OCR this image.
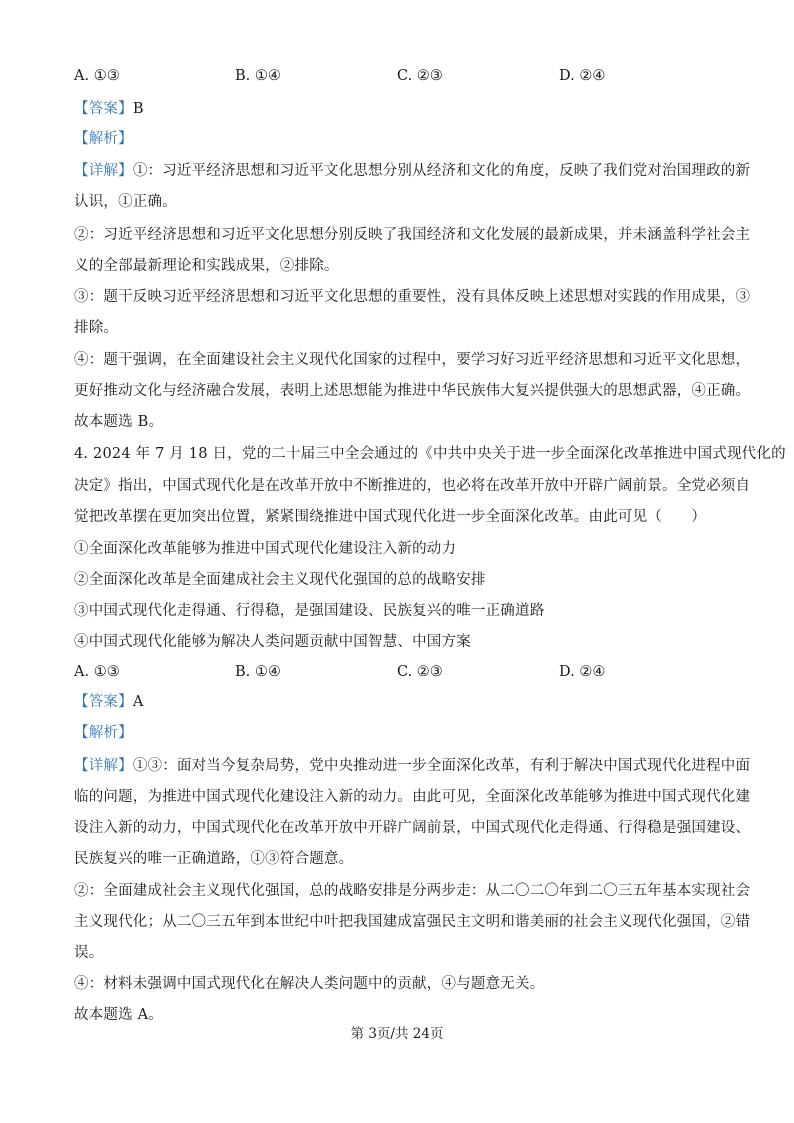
A. ①③	B. ①④	C. ②③	D. ②④
【答案】B
【解析】
【详解】①：习近平经济思想和习近平文化思想分别从经济和文化的角度，反映了我们党对治国理政的新
认识，①正确。
②：习近平经济思想和习近平文化思想分别反映了我国经济和文化发展的最新成果，并未涵盖科学社会主
义的全部最新理论和实践成果，②排除。
③：题干反映习近平经济思想和习近平文化思想的重要性，没有具体反映上述思想对实践的作用成果，③
排除。
④：题干强调，在全面建设社会主义现代化国家的过程中，要学习好习近平经济思想和习近平文化思想，
更好推动文化与经济融合发展，表明上述思想能为推进中华民族伟大复兴提供强大的思想武器，④正确。
故本题选 B。
4. 2024 年 7 月 18 日，党的二十届三中全会通过的《中共中央关于进一步全面深化改革推进中国式现代化的
决定》指出，中国式现代化是在改革开放中不断推进的，也必将在改革开放中开辟广阔前景。全党必须自
觉把改革摆在更加突出位置，紧紧围绕推进中国式现代化进一步全面深化改革。由此可见（　　）
①全面深化改革能够为推进中国式现代化建设注入新的动力
②全面深化改革是全面建成社会主义现代化强国的总的战略安排
③中国式现代化走得通、行得稳，是强国建设、民族复兴的唯一正确道路
④中国式现代化能够为解决人类问题贡献中国智慧、中国方案
A. ①③	B. ①④	C. ②③	D. ②④
【答案】A
【解析】
【详解】①③：面对当今复杂局势，党中央推动进一步全面深化改革，有利于解决中国式现代化进程中面
临的问题，为推进中国式现代化建设注入新的动力。由此可见，全面深化改革能够为推进中国式现代化建
设注入新的动力，中国式现代化在改革开放中开辟广阔前景，中国式现代化走得通、行得稳是强国建设、
民族复兴的唯一正确道路，①③符合题意。
②：全面建成社会主义现代化强国，总的战略安排是分两步走：从二〇二〇年到二〇三五年基本实现社会
主义现代化；从二〇三五年到本世纪中叶把我国建成富强民主文明和谐美丽的社会主义现代化强国，②错
误。
④：材料未强调中国式现代化在解决人类问题中的贡献，④与题意无关。
故本题选 A。
第 3页/共 24页
